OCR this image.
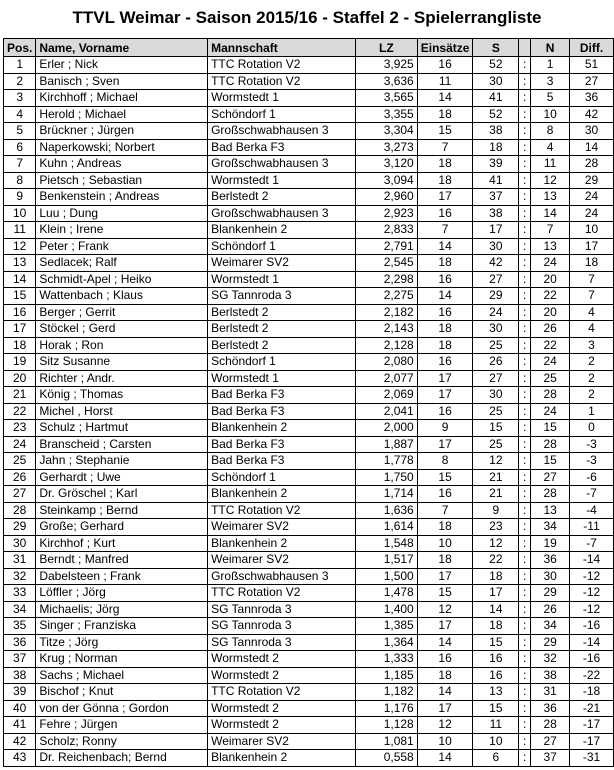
TTVL Weimar - Saison 2015/16 - Staffel 2 - Spielerrangliste
Pos.	Name, Vorname	Mannschaft	LZ	Einsätze	S		N	Diff.
1	Erler ; Nick	TTC Rotation V2	3,925	16	52	:	1	51
2	Banisch ; Sven	TTC Rotation V2	3,636	11	30	:	3	27
3	Kirchhoff ; Michael	Wormstedt 1	3,565	14	41	:	5	36
4	Herold ; Michael	Schöndorf 1	3,355	18	52	:	10	42
5	Brückner ; Jürgen	Großschwabhausen 3	3,304	15	38	:	8	30
6	Naperkowski; Norbert	Bad Berka F3	3,273	7	18	:	4	14
7	Kuhn ; Andreas	Großschwabhausen 3	3,120	18	39	:	11	28
8	Pietsch ; Sebastian	Wormstedt 1	3,094	18	41	:	12	29
9	Benkenstein ; Andreas	Berlstedt 2	2,960	17	37	:	13	24
10	Luu ; Dung	Großschwabhausen 3	2,923	16	38	:	14	24
11	Klein ; Irene	Blankenhein 2	2,833	7	17	:	7	10
12	Peter ; Frank	Schöndorf 1	2,791	14	30	:	13	17
13	Sedlacek; Ralf	Weimarer SV2	2,545	18	42	:	24	18
14	Schmidt-Apel ; Heiko	Wormstedt 1	2,298	16	27	:	20	7
15	Wattenbach ; Klaus	SG Tannroda 3	2,275	14	29	:	22	7
16	Berger ; Gerrit	Berlstedt 2	2,182	16	24	:	20	4
17	Stöckel ; Gerd	Berlstedt 2	2,143	18	30	:	26	4
18	Horak ; Ron	Berlstedt 2	2,128	18	25	:	22	3
19	Sitz Susanne	Schöndorf 1	2,080	16	26	:	24	2
20	Richter ; Andr.	Wormstedt 1	2,077	17	27	:	25	2
21	König ; Thomas	Bad Berka F3	2,069	17	30	:	28	2
22	Michel , Horst	Bad Berka F3	2,041	16	25	:	24	1
23	Schulz ; Hartmut	Blankenhein 2	2,000	9	15	:	15	0
24	Branscheid ; Carsten	Bad Berka F3	1,887	17	25	:	28	-3
25	Jahn ; Stephanie	Bad Berka F3	1,778	8	12	:	15	-3
26	Gerhardt ; Uwe	Schöndorf 1	1,750	15	21	:	27	-6
27	Dr. Gröschel ; Karl	Blankenhein 2	1,714	16	21	:	28	-7
28	Steinkamp ; Bernd	TTC Rotation V2	1,636	7	9	:	13	-4
29	Große; Gerhard	Weimarer SV2	1,614	18	23	:	34	-11
30	Kirchhof ; Kurt	Blankenhein 2	1,548	10	12	:	19	-7
31	Berndt ; Manfred	Weimarer SV2	1,517	18	22	:	36	-14
32	Dabelsteen ; Frank	Großschwabhausen 3	1,500	17	18	:	30	-12
33	Löffler ; Jörg	TTC Rotation V2	1,478	15	17	:	29	-12
34	Michaelis; Jörg	SG Tannroda 3	1,400	12	14	:	26	-12
35	Singer ; Franziska	SG Tannroda 3	1,385	17	18	:	34	-16
36	Titze ; Jörg	SG Tannroda 3	1,364	14	15	:	29	-14
37	Krug ; Norman	Wormstedt 2	1,333	16	16	:	32	-16
38	Sachs ; Michael	Wormstedt 2	1,185	18	16	:	38	-22
39	Bischof ; Knut	TTC Rotation V2	1,182	14	13	:	31	-18
40	von der Gönna ; Gordon	Wormstedt 2	1,176	17	15	:	36	-21
41	Fehre ; Jürgen	Wormstedt 2	1,128	12	11	:	28	-17
42	Scholz; Ronny	Weimarer SV2	1,081	10	10	:	27	-17
43	Dr. Reichenbach; Bernd	Blankenhein 2	0,558	14	6	:	37	-31
